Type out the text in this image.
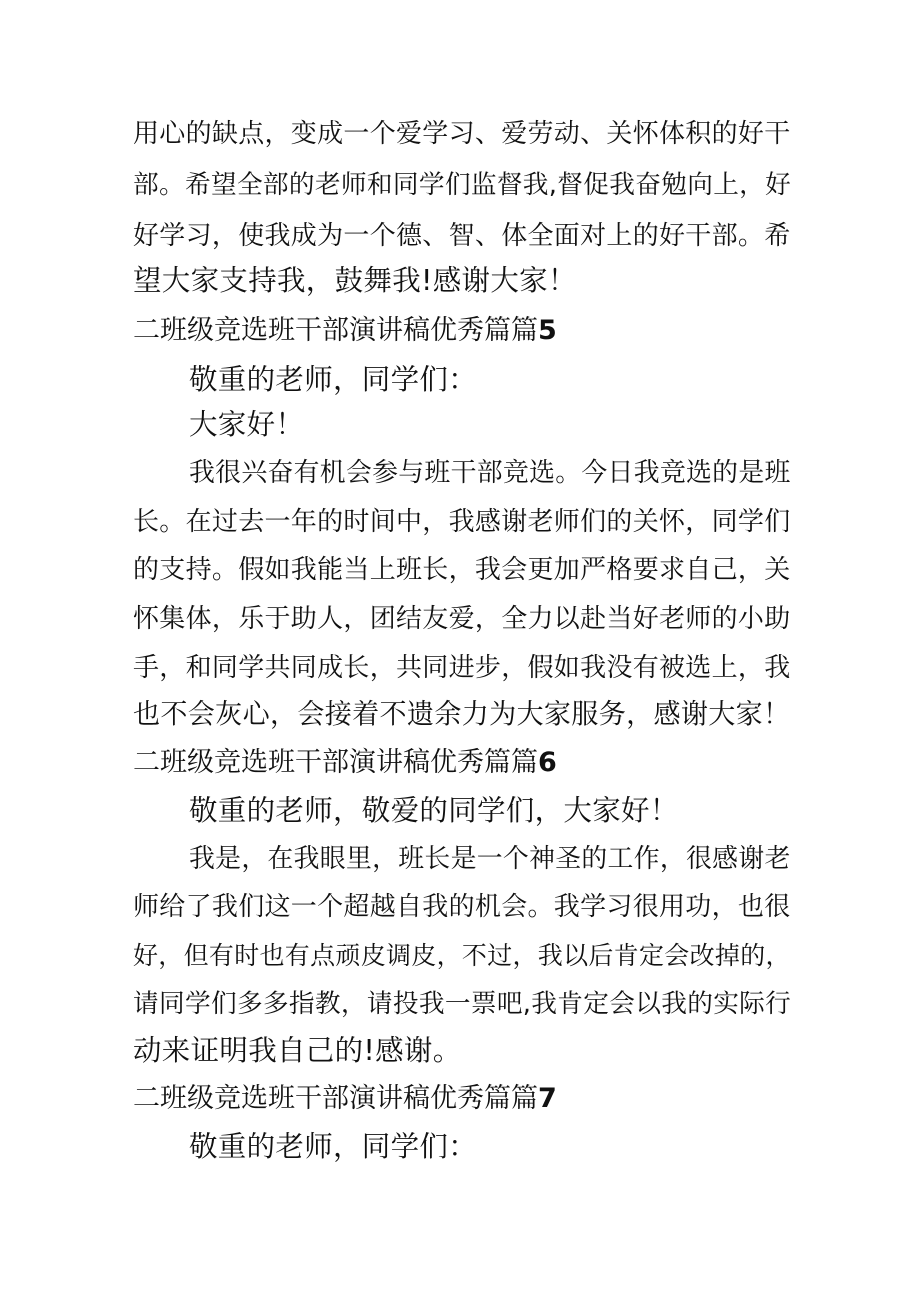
用心的缺点，变成一个爱学习、爱劳动、关怀体积的好干
部。希望全部的老师和同学们监督我,督促我奋勉向上，好
好学习，使我成为一个德、智、体全面对上的好干部。希
望大家支持我，鼓舞我!感谢大家！
二班级竞选班干部演讲稿优秀篇篇5
敬重的老师，同学们：
大家好！
我很兴奋有机会参与班干部竞选。今日我竞选的是班
长。在过去一年的时间中，我感谢老师们的关怀，同学们
的支持。假如我能当上班长，我会更加严格要求自己，关
怀集体，乐于助人，团结友爱，全力以赴当好老师的小助
手，和同学共同成长，共同进步，假如我没有被选上，我
也不会灰心，会接着不遗余力为大家服务，感谢大家！
二班级竞选班干部演讲稿优秀篇篇6
敬重的老师，敬爱的同学们，大家好！
我是，在我眼里，班长是一个神圣的工作，很感谢老
师给了我们这一个超越自我的机会。我学习很用功，也很
好，但有时也有点顽皮调皮，不过，我以后肯定会改掉的，
请同学们多多指教，请投我一票吧,我肯定会以我的实际行
动来证明我自己的!感谢。
二班级竞选班干部演讲稿优秀篇篇7
敬重的老师，同学们：
